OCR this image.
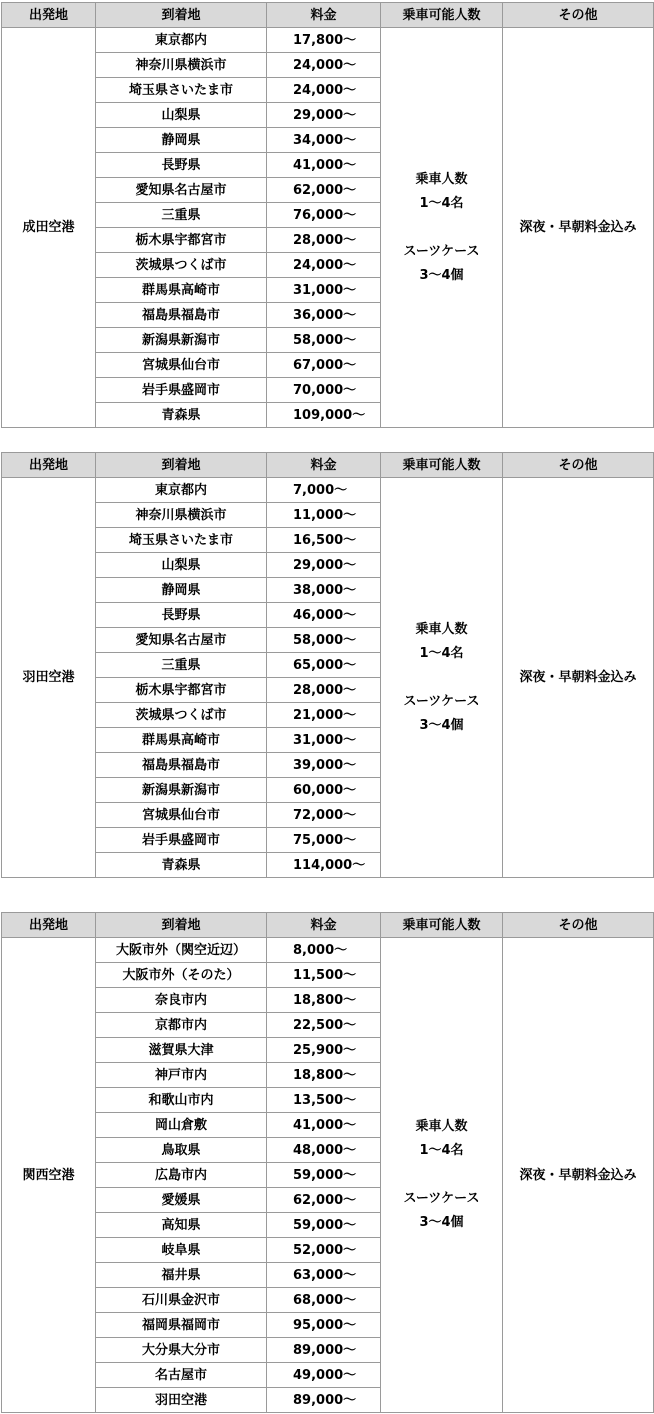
出発地	到着地	料金	乗車可能人数	その他
成田空港	東京都内	17,800～	乗車人数
1～4名
スーツケース
3～4個	深夜・早朝料金込み
	神奈川県横浜市	24,000～		
	埼玉県さいたま市	24,000～		
	山梨県	29,000～		
	静岡県	34,000～		
	長野県	41,000～		
	愛知県名古屋市	62,000～		
	三重県	76,000～		
	栃木県宇都宮市	28,000～		
	茨城県つくば市	24,000～		
	群馬県高崎市	31,000～		
	福島県福島市	36,000～		
	新潟県新潟市	58,000～		
	宮城県仙台市	67,000～		
	岩手県盛岡市	70,000～		
	青森県	109,000～		
出発地	到着地	料金	乗車可能人数	その他
羽田空港	東京都内	7,000～	乗車人数
1～4名
スーツケース
3～4個	深夜・早朝料金込み
	神奈川県横浜市	11,000～		
	埼玉県さいたま市	16,500～		
	山梨県	29,000～		
	静岡県	38,000～		
	長野県	46,000～		
	愛知県名古屋市	58,000～		
	三重県	65,000～		
	栃木県宇都宮市	28,000～		
	茨城県つくば市	21,000～		
	群馬県高崎市	31,000～		
	福島県福島市	39,000～		
	新潟県新潟市	60,000～		
	宮城県仙台市	72,000～		
	岩手県盛岡市	75,000～		
	青森県	114,000～		
出発地	到着地	料金	乗車可能人数	その他
関西空港	大阪市外（関空近辺）	8,000～	乗車人数
1～4名
スーツケース
3～4個	深夜・早朝料金込み
	大阪市外（そのた）	11,500～		
	奈良市内	18,800～		
	京都市内	22,500～		
	滋賀県大津	25,900～		
	神戸市内	18,800～		
	和歌山市内	13,500～		
	岡山倉敷	41,000～		
	鳥取県	48,000～		
	広島市内	59,000～		
	愛媛県	62,000～		
	高知県	59,000～		
	岐阜県	52,000～		
	福井県	63,000～		
	石川県金沢市	68,000～		
	福岡県福岡市	95,000～		
	大分県大分市	89,000～		
	名古屋市	49,000～		
	羽田空港	89,000～		
